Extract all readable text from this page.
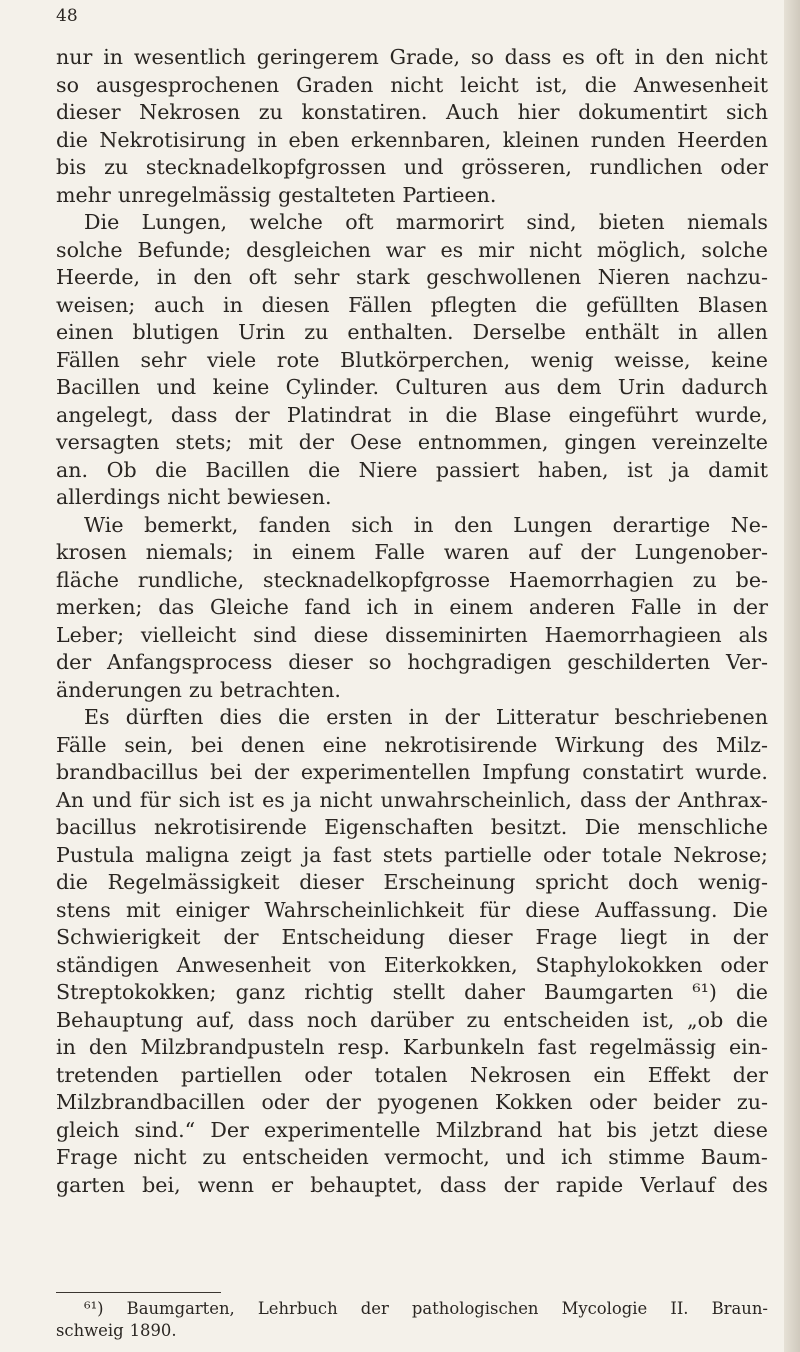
48
nur in wesentlich geringerem Grade, so dass es oft in den nicht
so ausgesprochenen Graden nicht leicht ist, die Anwesenheit
dieser Nekrosen zu konstatiren. Auch hier dokumentirt sich
die Nekrotisirung in eben erkennbaren, kleinen runden Heerden
bis zu stecknadelkopfgrossen und grösseren, rundlichen oder
mehr unregelmässig gestalteten Partieen.
Die Lungen, welche oft marmorirt sind, bieten niemals
solche Befunde; desgleichen war es mir nicht möglich, solche
Heerde, in den oft sehr stark geschwollenen Nieren nachzu-
weisen; auch in diesen Fällen pflegten die gefüllten Blasen
einen blutigen Urin zu enthalten. Derselbe enthält in allen
Fällen sehr viele rote Blutkörperchen, wenig weisse, keine
Bacillen und keine Cylinder. Culturen aus dem Urin dadurch
angelegt, dass der Platindrat in die Blase eingeführt wurde,
versagten stets; mit der Oese entnommen, gingen vereinzelte
an. Ob die Bacillen die Niere passiert haben, ist ja damit
allerdings nicht bewiesen.
Wie bemerkt, fanden sich in den Lungen derartige Ne-
krosen niemals; in einem Falle waren auf der Lungenober-
fläche rundliche, stecknadelkopfgrosse Haemorrhagien zu be-
merken; das Gleiche fand ich in einem anderen Falle in der
Leber; vielleicht sind diese disseminirten Haemorrhagieen als
der Anfangsprocess dieser so hochgradigen geschilderten Ver-
änderungen zu betrachten.
Es dürften dies die ersten in der Litteratur beschriebenen
Fälle sein, bei denen eine nekrotisirende Wirkung des Milz-
brandbacillus bei der experimentellen Impfung constatirt wurde.
An und für sich ist es ja nicht unwahrscheinlich, dass der Anthrax-
bacillus nekrotisirende Eigenschaften besitzt. Die menschliche
Pustula maligna zeigt ja fast stets partielle oder totale Nekrose;
die Regelmässigkeit dieser Erscheinung spricht doch wenig-
stens mit einiger Wahrscheinlichkeit für diese Auffassung. Die
Schwierigkeit der Entscheidung dieser Frage liegt in der
ständigen Anwesenheit von Eiterkokken, Staphylokokken oder
Streptokokken; ganz richtig stellt daher Baumgarten ⁶¹) die
Behauptung auf, dass noch darüber zu entscheiden ist, „ob die
in den Milzbrandpusteln resp. Karbunkeln fast regelmässig ein-
tretenden partiellen oder totalen Nekrosen ein Effekt der
Milzbrandbacillen oder der pyogenen Kokken oder beider zu-
gleich sind.“ Der experimentelle Milzbrand hat bis jetzt diese
Frage nicht zu entscheiden vermocht, und ich stimme Baum-
garten bei, wenn er behauptet, dass der rapide Verlauf des
⁶¹) Baumgarten, Lehrbuch der pathologischen Mycologie II. Braun-
schweig 1890.
